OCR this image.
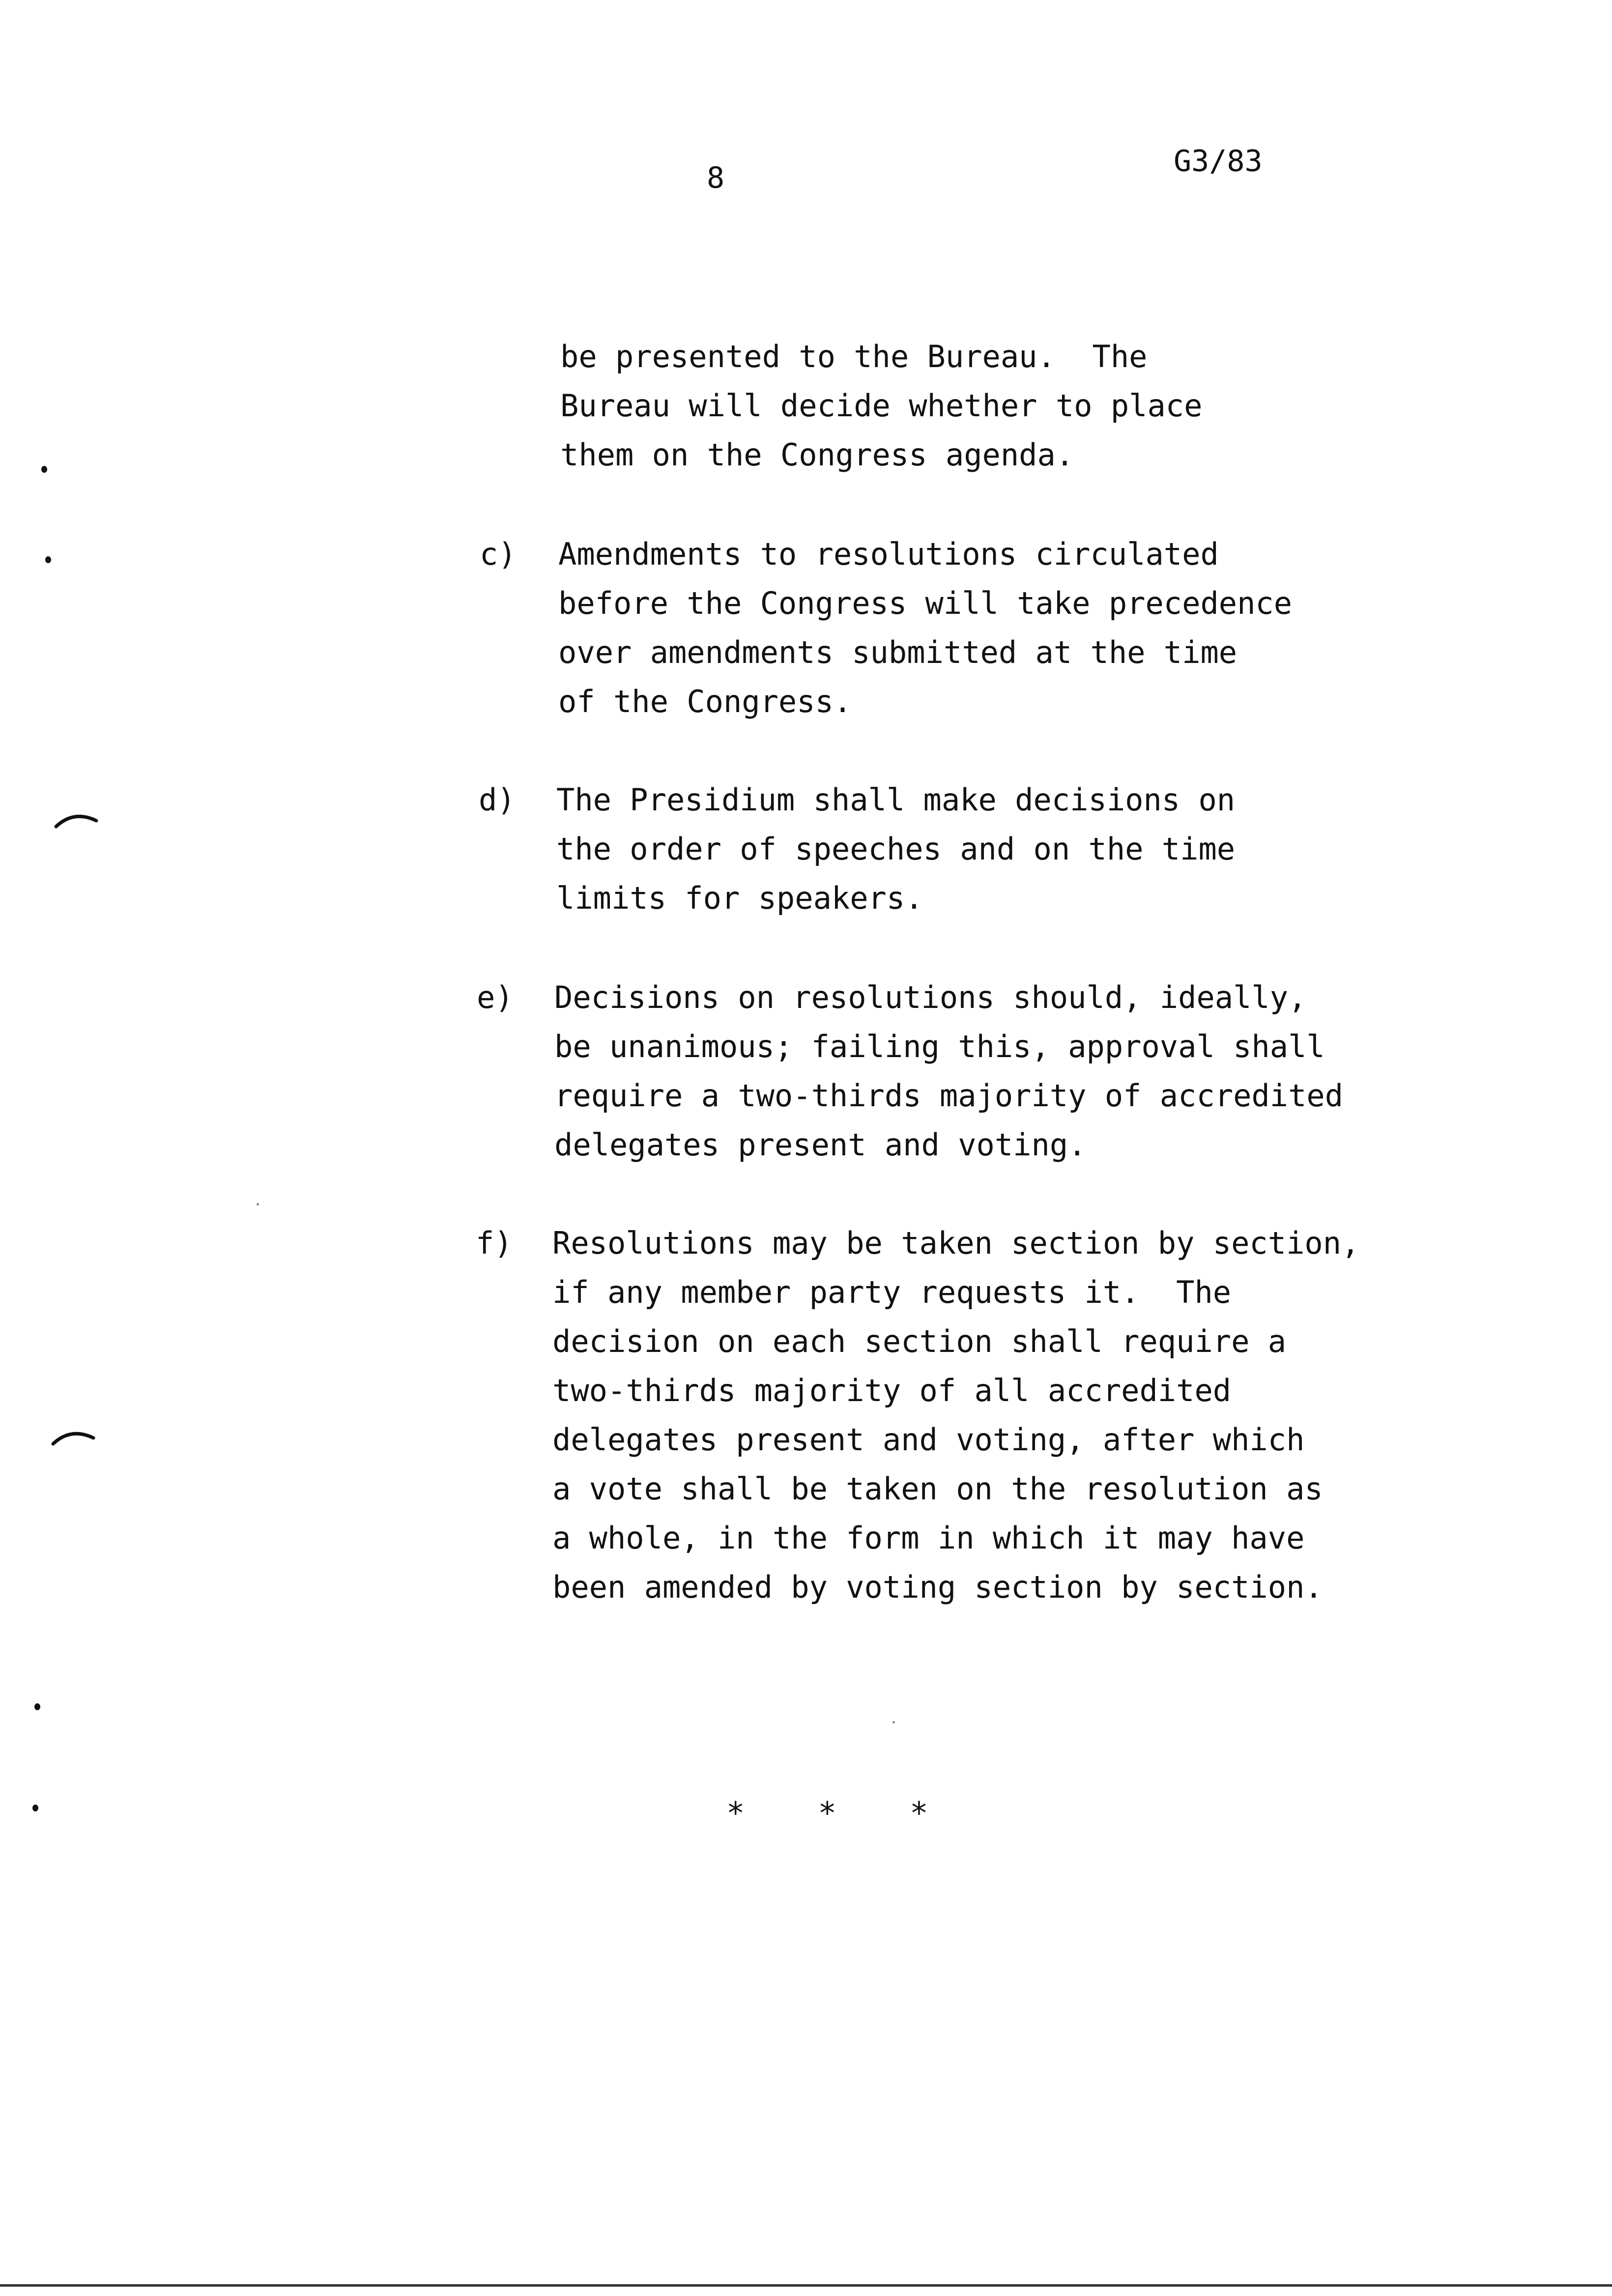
8	G3/83
be presented to the Bureau.  The
Bureau will decide whether to place
them on the Congress agenda.
c) Amendments to resolutions circulated
before the Congress will take precedence
over amendments submitted at the time
of the Congress.
d) The Presidium shall make decisions on
the order of speeches and on the time
limits for speakers.
e) Decisions on resolutions should, ideally,
be unanimous; failing this, approval shall
require a two-thirds majority of accredited
delegates present and voting.
f) Resolutions may be taken section by section,
if any member party requests it.  The
decision on each section shall require a
two-thirds majority of all accredited
delegates present and voting, after which
a vote shall be taken on the resolution as
a whole, in the form in which it may have
been amended by voting section by section.
*    *    *
